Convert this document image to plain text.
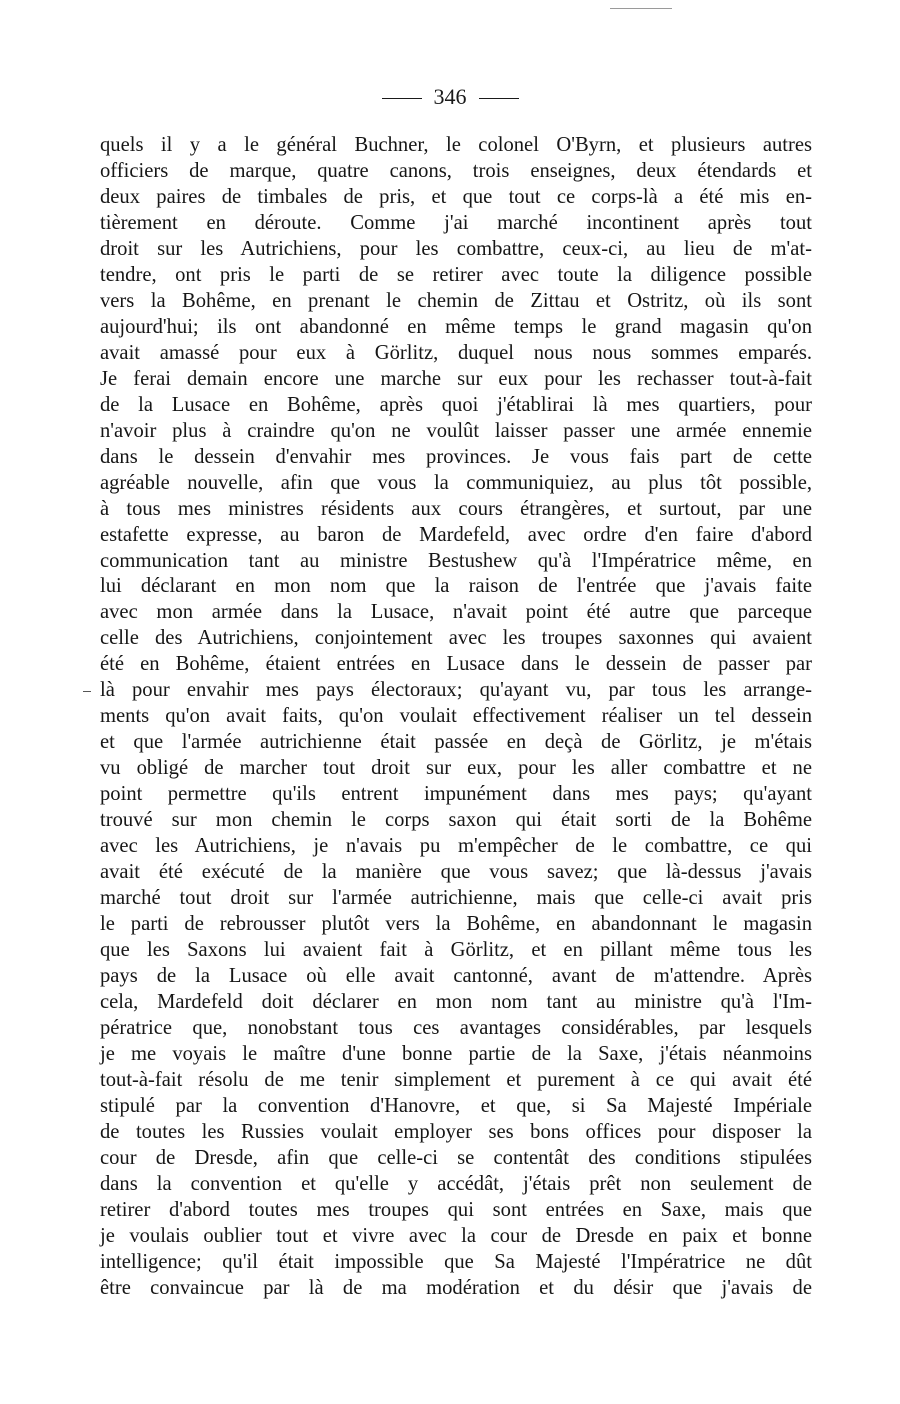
346
quels il y a le général Buchner, le colonel O'Byrn, et plusieurs autres
officiers de marque, quatre canons, trois enseignes, deux étendards et
deux paires de timbales de pris, et que tout ce corps-là a été mis en-
tièrement en déroute. Comme j'ai marché incontinent après tout
droit sur les Autrichiens, pour les combattre, ceux-ci, au lieu de m'at-
tendre, ont pris le parti de se retirer avec toute la diligence possible
vers la Bohême, en prenant le chemin de Zittau et Ostritz, où ils sont
aujourd'hui; ils ont abandonné en même temps le grand magasin qu'on
avait amassé pour eux à Görlitz, duquel nous nous sommes emparés.
Je ferai demain encore une marche sur eux pour les rechasser tout-à-fait
de la Lusace en Bohême, après quoi j'établirai là mes quartiers, pour
n'avoir plus à craindre qu'on ne voulût laisser passer une armée ennemie
dans le dessein d'envahir mes provinces. Je vous fais part de cette
agréable nouvelle, afin que vous la communiquiez, au plus tôt possible,
à tous mes ministres résidents aux cours étrangères, et surtout, par une
estafette expresse, au baron de Mardefeld, avec ordre d'en faire d'abord
communication tant au ministre Bestushew qu'à l'Impératrice même, en
lui déclarant en mon nom que la raison de l'entrée que j'avais faite
avec mon armée dans la Lusace, n'avait point été autre que parceque
celle des Autrichiens, conjointement avec les troupes saxonnes qui avaient
été en Bohême, étaient entrées en Lusace dans le dessein de passer par
là pour envahir mes pays électoraux; qu'ayant vu, par tous les arrange-
ments qu'on avait faits, qu'on voulait effectivement réaliser un tel dessein
et que l'armée autrichienne était passée en deçà de Görlitz, je m'étais
vu obligé de marcher tout droit sur eux, pour les aller combattre et ne
point permettre qu'ils entrent impunément dans mes pays; qu'ayant
trouvé sur mon chemin le corps saxon qui était sorti de la Bohême
avec les Autrichiens, je n'avais pu m'empêcher de le combattre, ce qui
avait été exécuté de la manière que vous savez; que là-dessus j'avais
marché tout droit sur l'armée autrichienne, mais que celle-ci avait pris
le parti de rebrousser plutôt vers la Bohême, en abandonnant le magasin
que les Saxons lui avaient fait à Görlitz, et en pillant même tous les
pays de la Lusace où elle avait cantonné, avant de m'attendre. Après
cela, Mardefeld doit déclarer en mon nom tant au ministre qu'à l'Im-
pératrice que, nonobstant tous ces avantages considérables, par lesquels
je me voyais le maître d'une bonne partie de la Saxe, j'étais néanmoins
tout-à-fait résolu de me tenir simplement et purement à ce qui avait été
stipulé par la convention d'Hanovre, et que, si Sa Majesté Impériale
de toutes les Russies voulait employer ses bons offices pour disposer la
cour de Dresde, afin que celle-ci se contentât des conditions stipulées
dans la convention et qu'elle y accédât, j'étais prêt non seulement de
retirer d'abord toutes mes troupes qui sont entrées en Saxe, mais que
je voulais oublier tout et vivre avec la cour de Dresde en paix et bonne
intelligence; qu'il était impossible que Sa Majesté l'Impératrice ne dût
être convaincue par là de ma modération et du désir que j'avais de
